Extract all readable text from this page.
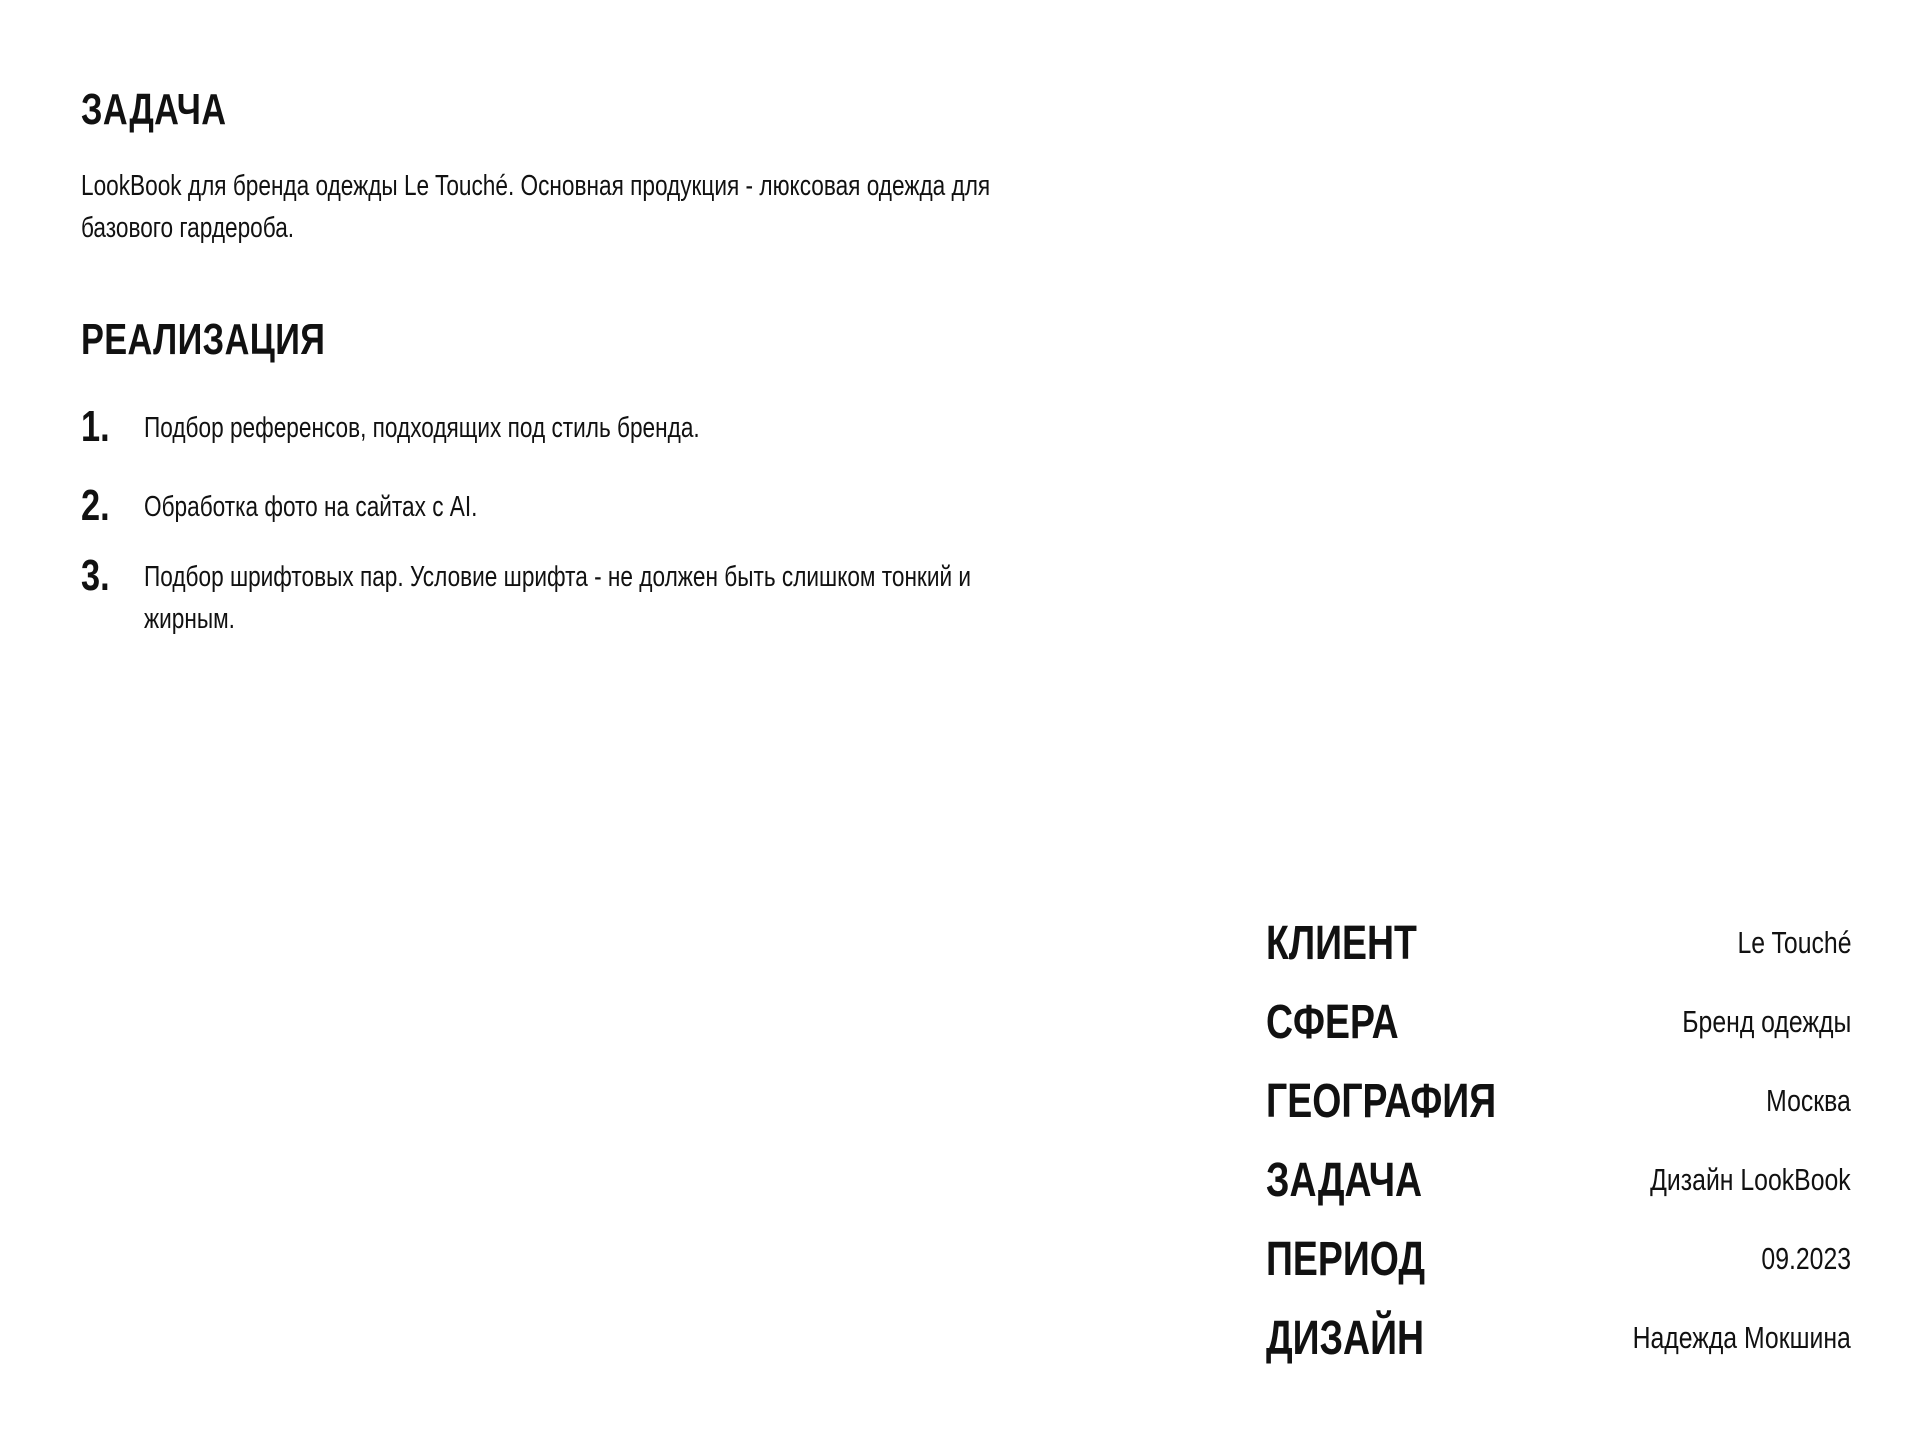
ЗАДАЧА

LookBook для бренда одежды Le Touché. Основная продукция - люксовая одежда для базового гардероба.

РЕАЛИЗАЦИЯ
1. Подбор референсов, подходящих под стиль бренда.
2. Обработка фото на сайтах с AI.
3. Подбор шрифтовых пар. Условие шрифта - не должен быть слишком тонкий и жирным.
КЛИЕНТ	Le Touché
СФЕРА	Бренд одежды
ГЕОГРАФИЯ	Москва
ЗАДАЧА	Дизайн LookBook
ПЕРИОД	09.2023
ДИЗАЙН	Надежда Мокшина
